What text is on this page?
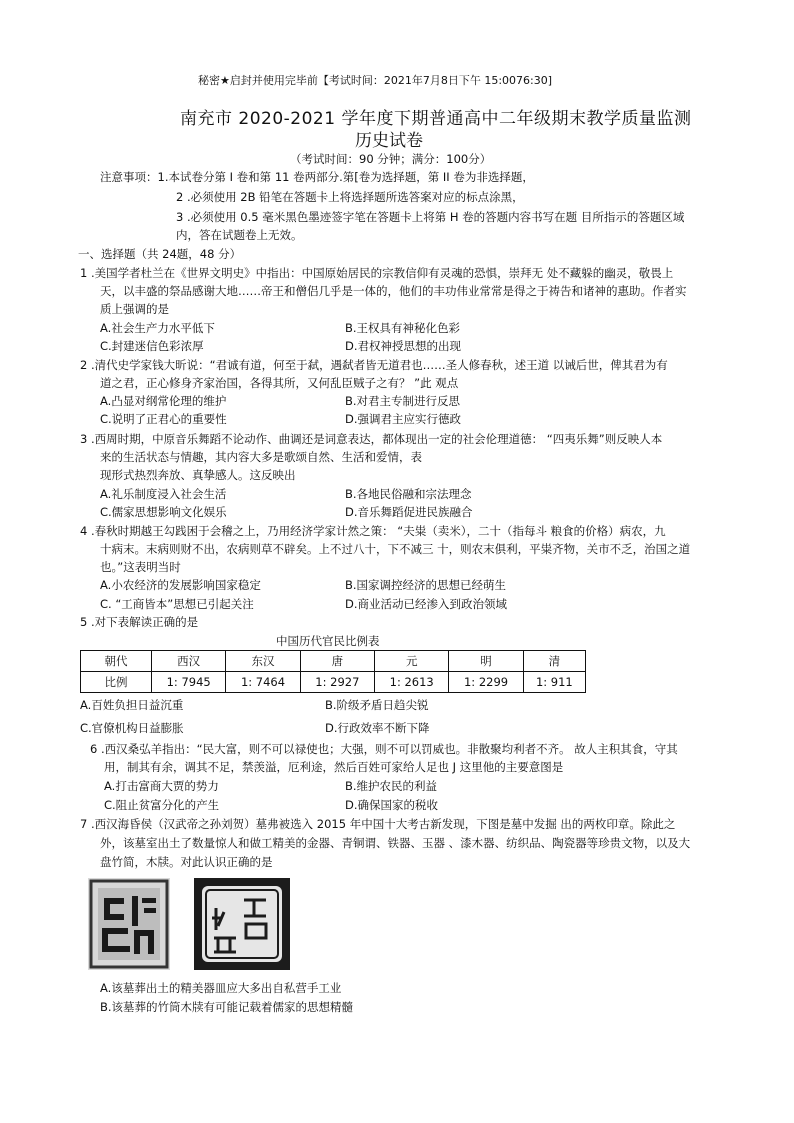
秘密★启封并使用完毕前【考试时间：2021年7月8日下午 15:0076:30]
南充市 2020-2021 学年度下期普通高中二年级期末教学质量监测
历史试卷
（考试时间：90 分钟；满分：100分）
注意事项：1.本试卷分第 I 卷和第 11 卷两部分.第[卷为选择题，第 II 卷为非选择题，
2 .必须使用 2B 铅笔在答题卡上将选择题所选答案对应的标点涂黑，
3 .必须使用 0.5 毫米黑色墨迹签字笔在答题卡上将第 H 卷的答题内容书写在题 目所指示的答题区域
内，答在试题卷上无效。
一、选择题（共 24题，48 分）
1 .美国学者杜兰在《世界文明史》中指出：中国原始居民的宗教信仰有灵魂的恐惧，崇拜无 处不藏躲的幽灵，敬畏上
天，以丰盛的祭品感谢大地……帝王和僧侣几乎是一体的，他们的丰功伟业常常是得之于祷告和诸神的惠助。作者实
质上强调的是
A.社会生产力水平低下	B.王权具有神秘化色彩
C.封建迷信色彩浓厚	D.君权神授思想的出现
2 .清代史学家钱大昕说：“君诚有道，何至于弑，遇弑者皆无道君也……圣人修春秋，述王道 以诫后世，俾其君为有
道之君，正心修身齐家治国，各得其所，又何乱臣贼子之有？ ”此 观点
A.凸显对纲常伦理的维护	B.对君主专制进行反思
C.说明了正君心的重要性	D.强调君主应实行德政
3 .西周时期，中原音乐舞蹈不论动作、曲调还是词意表达，都体现出一定的社会伦理道德： “四夷乐舞”则反映人本
来的生活状态与情趣，其内容大多是歌颂自然、生活和爱情，表
现形式热烈奔放、真挚感人。这反映出
A.礼乐制度浸入社会生活	B.各地民俗融和宗法理念
C.儒家思想影响文化娱乐	D.音乐舞蹈促进民族融合
4 .春秋时期越王勾践困于会稽之上，乃用经济学家计然之策： “夫粜（卖米），二十（指每斗 粮食的价格）病农，九
十病末。末病则财不出，农病则草不辟矣。上不过八十，下不减三 十，则农末俱利，平粜齐物，关市不乏，治国之道
也。”这表明当时
A.小农经济的发展影响国家稳定	B.国家调控经济的思想已经萌生
C. “工商皆本”思想已引起关注	D.商业活动已经渗入到政治领域
5 .对下表解读正确的是
中国历代官民比例表
朝代	西汉	东汉	唐	元	明	清
比例	1: 7945	1: 7464	1: 2927	1: 2613	1: 2299	1: 911
A.百姓负担日益沉重	B.阶级矛盾日趋尖锐
C.官僚机构日益膨胀	D.行政效率不断下降
6 .西汉桑弘羊指出：“民大富，则不可以禄使也；大强，则不可以罚威也。非散聚均利者不齐。 故人主积其食，守其
用，制其有余，调其不足，禁羡溢，厄利途，然后百姓可家给人足也 J 这里他的主要意图是
A.打击富商大贾的势力	B.维护农民的利益
C.阻止贫富分化的产生	D.确保国家的税收
7 .西汉海昏侯（汉武帝之孙刘贺）墓弗被选入 2015 年中国十大考古新发现，下图是墓中发掘 出的两枚印章。除此之
外，该墓室出土了数量惊人和做工精美的金器、青铜谓、铁器、玉器 、漆木器、纺织品、陶瓷器等珍贵文物，以及大
盘竹简，木牍。对此认识正确的是
A.该墓葬出土的精美器皿应大多出自私营手工业
B.该墓葬的竹筒木牍有可能记载着儒家的思想精髓
